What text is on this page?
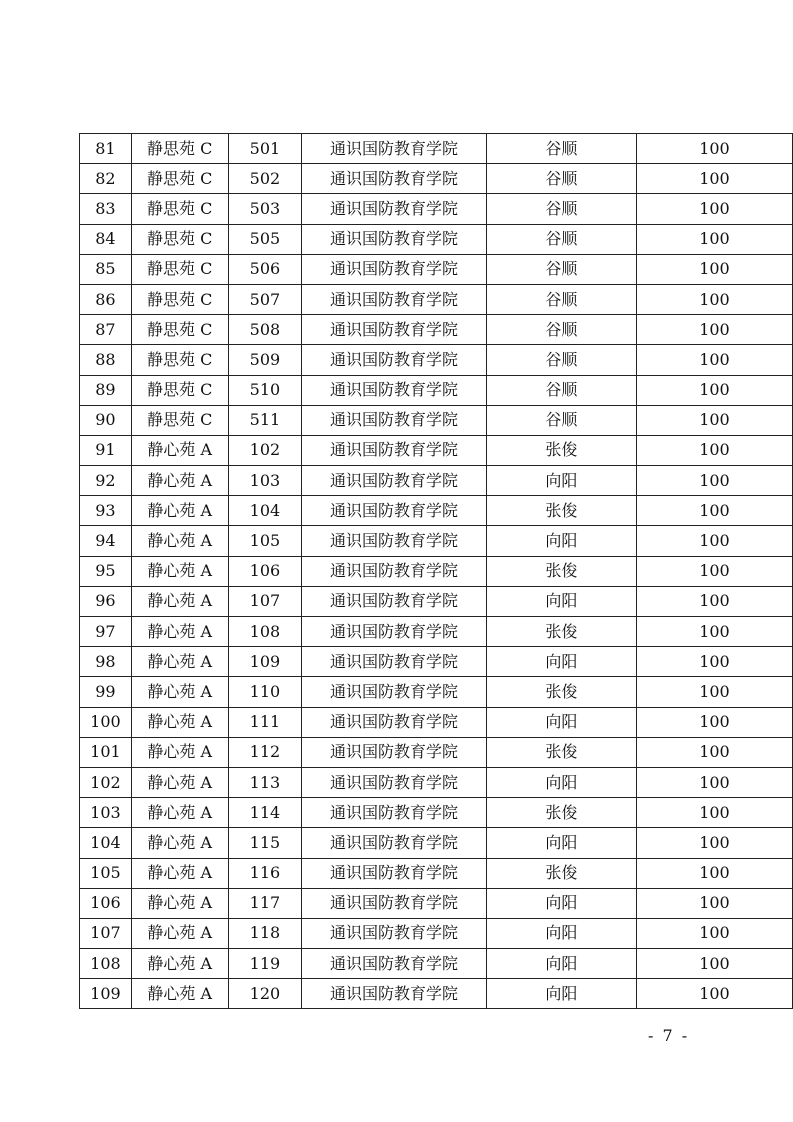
81	静思苑 C	501	通识国防教育学院	谷顺	100
82	静思苑 C	502	通识国防教育学院	谷顺	100
83	静思苑 C	503	通识国防教育学院	谷顺	100
84	静思苑 C	505	通识国防教育学院	谷顺	100
85	静思苑 C	506	通识国防教育学院	谷顺	100
86	静思苑 C	507	通识国防教育学院	谷顺	100
87	静思苑 C	508	通识国防教育学院	谷顺	100
88	静思苑 C	509	通识国防教育学院	谷顺	100
89	静思苑 C	510	通识国防教育学院	谷顺	100
90	静思苑 C	511	通识国防教育学院	谷顺	100
91	静心苑 A	102	通识国防教育学院	张俊	100
92	静心苑 A	103	通识国防教育学院	向阳	100
93	静心苑 A	104	通识国防教育学院	张俊	100
94	静心苑 A	105	通识国防教育学院	向阳	100
95	静心苑 A	106	通识国防教育学院	张俊	100
96	静心苑 A	107	通识国防教育学院	向阳	100
97	静心苑 A	108	通识国防教育学院	张俊	100
98	静心苑 A	109	通识国防教育学院	向阳	100
99	静心苑 A	110	通识国防教育学院	张俊	100
100	静心苑 A	111	通识国防教育学院	向阳	100
101	静心苑 A	112	通识国防教育学院	张俊	100
102	静心苑 A	113	通识国防教育学院	向阳	100
103	静心苑 A	114	通识国防教育学院	张俊	100
104	静心苑 A	115	通识国防教育学院	向阳	100
105	静心苑 A	116	通识国防教育学院	张俊	100
106	静心苑 A	117	通识国防教育学院	向阳	100
107	静心苑 A	118	通识国防教育学院	向阳	100
108	静心苑 A	119	通识国防教育学院	向阳	100
109	静心苑 A	120	通识国防教育学院	向阳	100
- 7 -
